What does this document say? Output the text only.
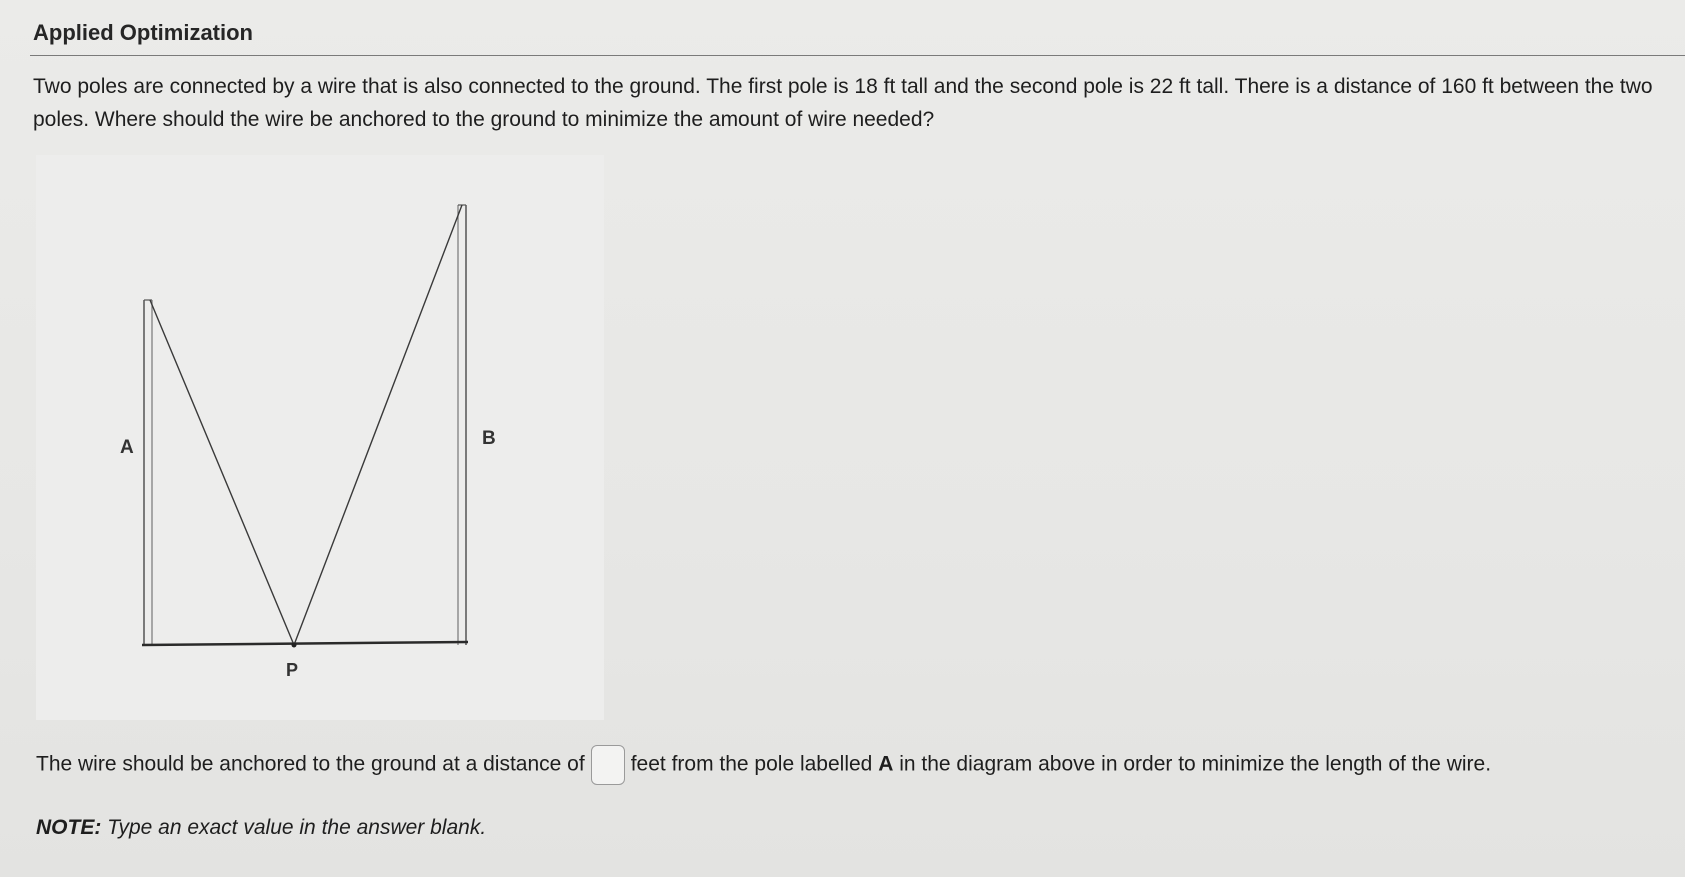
Applied Optimization
Two poles are connected by a wire that is also connected to the ground. The first pole is 18 ft tall and the second pole is 22 ft tall. There is a distance of 160 ft between the two poles. Where should the wire be anchored to the ground to minimize the amount of wire needed?
A	B
P
The wire should be anchored to the ground at a distance of feet from the pole labelled A in the diagram above in order to minimize the length of the wire.
NOTE: Type an exact value in the answer blank.
